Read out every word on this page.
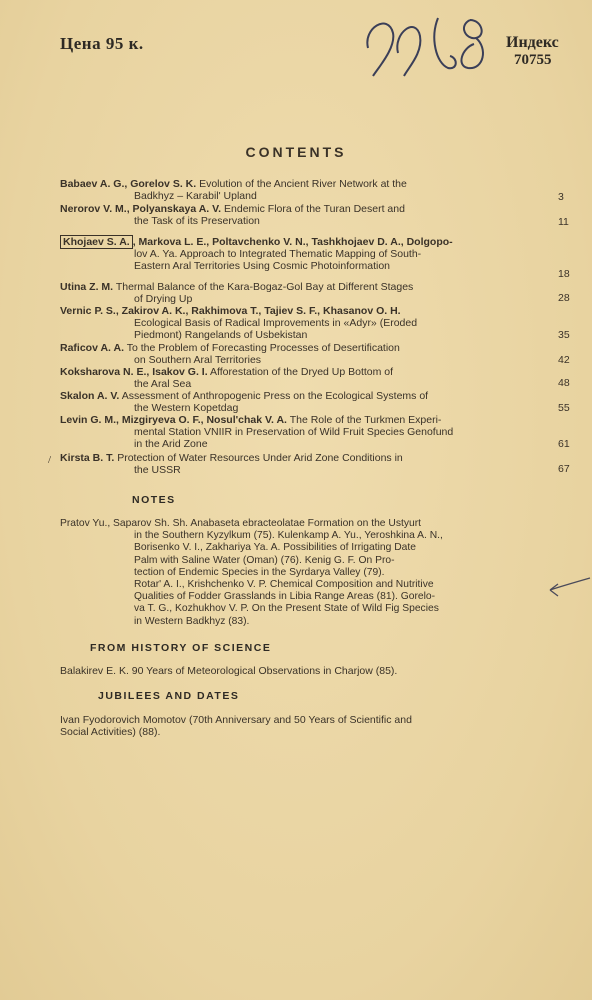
Цена 95 к.	Индекс
70755
CONTENTS
Babaev A. G., Gorelov S. K. Evolution of the Ancient River Network at the
Badkhyz – Karabil' Upland	3
Nerorov V. M., Polyanskaya A. V. Endemic Flora of the Turan Desert and
the Task of its Preservation	11
Khojaev S. A. , Markova L. E., Poltavchenko V. N., Tashkhojaev D. A., Dolgopo-
lov A. Ya. Approach to Integrated Thematic Mapping of South-
Eastern Aral Territories Using Cosmic Photoinformation
18
Utina Z. M. Thermal Balance of the Kara-Bogaz-Gol Bay at Different Stages
of Drying Up	28
Vernic P. S., Zakirov A. K., Rakhimova T., Tajiev S. F., Khasanov O. H.
Ecological Basis of Radical Improvements in «Adyr» (Eroded
Piedmont) Rangelands of Usbekistan	35
Raficov A. A. To the Problem of Forecasting Processes of Desertification
on Southern Aral Territories	42
Koksharova N. E., Isakov G. I. Afforestation of the Dryed Up Bottom of
the Aral Sea	48
Skalon A. V. Assessment of Anthropogenic Press on the Ecological Systems of
the Western Kopetdag	55
Levin G. M., Mizgiryeva O. F., Nosul'chak V. A. The Role of the Turkmen Experi-
mental Station VNIIR in Preservation of Wild Fruit Species Genofund
in the Arid Zone	61
/ Kirsta B. T. Protection of Water Resources Under Arid Zone Conditions in
the USSR	67
NOTES
Pratov Yu., Saparov Sh. Sh. Anabaseta ebracteolatae Formation on the Ustyurt
in the Southern Kyzylkum (75). Kulenkamp A. Yu., Yeroshkina A. N.,
Borisenko V. I., Zakhariya Ya. A. Possibilities of Irrigating Date
Palm with Saline Water (Oman) (76). Kenig G. F. On Pro-
tection of Endemic Species in the Syrdarya Valley (79).
Rotar' A. I., Krishchenko V. P. Chemical Composition and Nutritive
Qualities of Fodder Grasslands in Libia Range Areas (81). Gorelo-
va T. G., Kozhukhov V. P. On the Present State of Wild Fig Species
in Western Badkhyz (83).
FROM HISTORY OF SCIENCE
Balakirev E. K. 90 Years of Meteorological Observations in Charjow (85).
JUBILEES AND DATES
Ivan Fyodorovich Momotov (70th Anniversary and 50 Years of Scientific and
Social Activities) (88).
